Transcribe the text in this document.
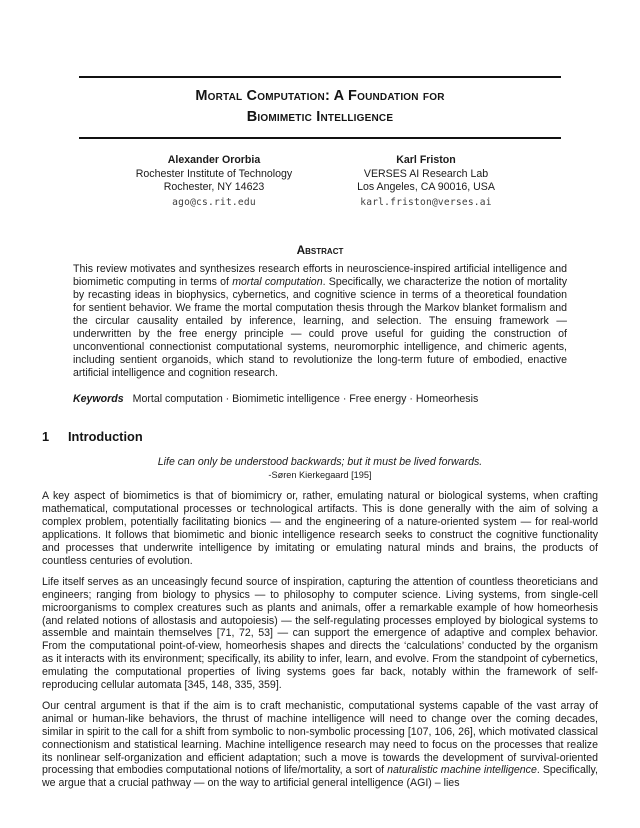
Mortal Computation: A Foundation for
Biomimetic Intelligence
Alexander Ororbia
Rochester Institute of Technology
Rochester, NY 14623
ago@cs.rit.edu
Karl Friston
VERSES AI Research Lab
Los Angeles, CA 90016, USA
karl.friston@verses.ai
Abstract
This review motivates and synthesizes research efforts in neuroscience-inspired artificial intelligence and biomimetic computing in terms of mortal computation. Specifically, we characterize the notion of mortality by recasting ideas in biophysics, cybernetics, and cognitive science in terms of a theoretical foundation for sentient behavior. We frame the mortal computation thesis through the Markov blanket formalism and the circular causality entailed by inference, learning, and selection. The ensuing framework — underwritten by the free energy principle — could prove useful for guiding the construction of unconventional connectionist computational systems, neuromorphic intelligence, and chimeric agents, including sentient organoids, which stand to revolutionize the long-term future of embodied, enactive artificial intelligence and cognition research.
Keywords Mortal computation · Biomimetic intelligence · Free energy · Homeorhesis
1 Introduction
Life can only be understood backwards; but it must be lived forwards.
-Søren Kierkegaard [195]

A key aspect of biomimetics is that of biomimicry or, rather, emulating natural or biological systems, when crafting mathematical, computational processes or technological artifacts. This is done generally with the aim of solving a complex problem, potentially facilitating bionics — and the engineering of a nature-oriented system — for real-world applications. It follows that biomimetic and bionic intelligence research seeks to construct the cognitive functionality and processes that underwrite intelligence by imitating or emulating natural minds and brains, the products of countless centuries of evolution.

Life itself serves as an unceasingly fecund source of inspiration, capturing the attention of countless theoreticians and engineers; ranging from biology to physics — to philosophy to computer science. Living systems, from single-cell microorganisms to complex creatures such as plants and animals, offer a remarkable example of how homeorhesis (and related notions of allostasis and autopoiesis) — the self-regulating processes employed by biological systems to assemble and maintain themselves [71, 72, 53] — can support the emergence of adaptive and complex behavior. From the computational point-of-view, homeorhesis shapes and directs the ‘calculations’ conducted by the organism as it interacts with its environment; specifically, its ability to infer, learn, and evolve. From the standpoint of cybernetics, emulating the computational properties of living systems goes far back, notably within the framework of self-reproducing cellular automata [345, 148, 335, 359].

Our central argument is that if the aim is to craft mechanistic, computational systems capable of the vast array of animal or human-like behaviors, the thrust of machine intelligence will need to change over the coming decades, similar in spirit to the call for a shift from symbolic to non-symbolic processing [107, 106, 26], which motivated classical connectionism and statistical learning. Machine intelligence research may need to focus on the processes that realize its nonlinear self-organization and efficient adaptation; such a move is towards the development of survival-oriented processing that embodies computational notions of life/mortality, a sort of naturalistic machine intelligence. Specifically, we argue that a crucial pathway — on the way to artificial general intelligence (AGI) – lies
